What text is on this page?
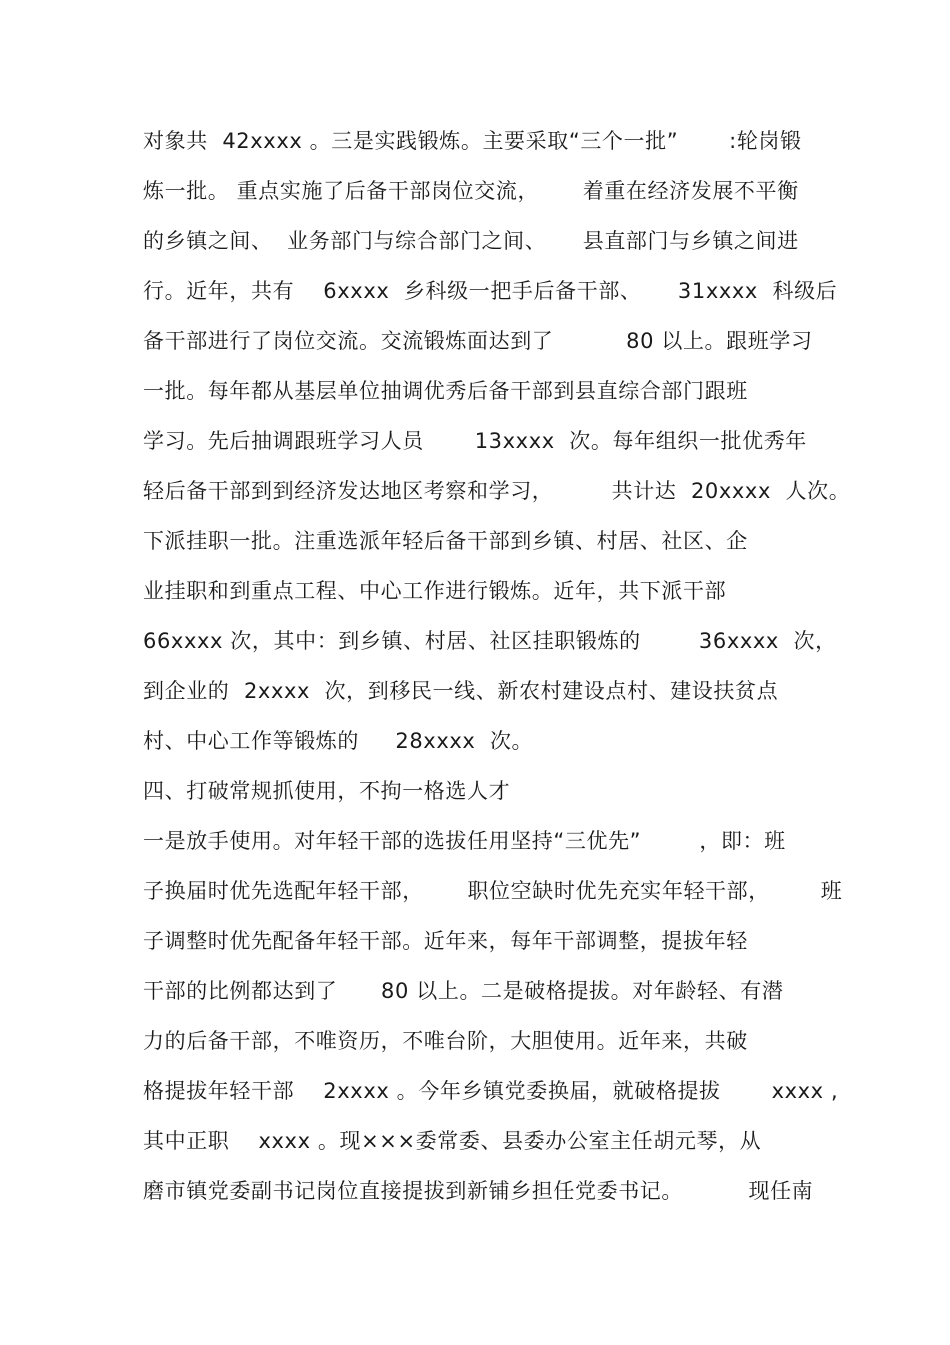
对象共  42xxxx 。三是实践锻炼。主要采取“三个一批”       :轮岗锻
炼一批。 重点实施了后备干部岗位交流，      着重在经济发展不平衡
的乡镇之间、  业务部门与综合部门之间、     县直部门与乡镇之间进
行。近年，共有    6xxxx  乡科级一把手后备干部、     31xxxx  科级后
备干部进行了岗位交流。交流锻炼面达到了          80 以上。跟班学习
一批。每年都从基层单位抽调优秀后备干部到县直综合部门跟班
学习。先后抽调跟班学习人员       13xxxx  次。每年组织一批优秀年
轻后备干部到到经济发达地区考察和学习，        共计达  20xxxx  人次。
下派挂职一批。注重选派年轻后备干部到乡镇、村居、社区、企
业挂职和到重点工程、中心工作进行锻炼。近年，共下派干部
66xxxx 次，其中：到乡镇、村居、社区挂职锻炼的        36xxxx  次，
到企业的  2xxxx  次，到移民一线、新农村建设点村、建设扶贫点
村、中心工作等锻炼的     28xxxx  次。
四、打破常规抓使用，不拘一格选人才
一是放手使用。对年轻干部的选拔任用坚持“三优先”        ，即：班
子换届时优先选配年轻干部，      职位空缺时优先充实年轻干部，       班
子调整时优先配备年轻干部。近年来，每年干部调整，提拔年轻
干部的比例都达到了      80 以上。二是破格提拔。对年龄轻、有潜
力的后备干部，不唯资历，不唯台阶，大胆使用。近年来，共破
格提拔年轻干部    2xxxx 。今年乡镇党委换届，就破格提拔       xxxx ,
其中正职    xxxx 。现×××委常委、县委办公室主任胡元琴，从
磨市镇党委副书记岗位直接提拔到新铺乡担任党委书记。         现任南
